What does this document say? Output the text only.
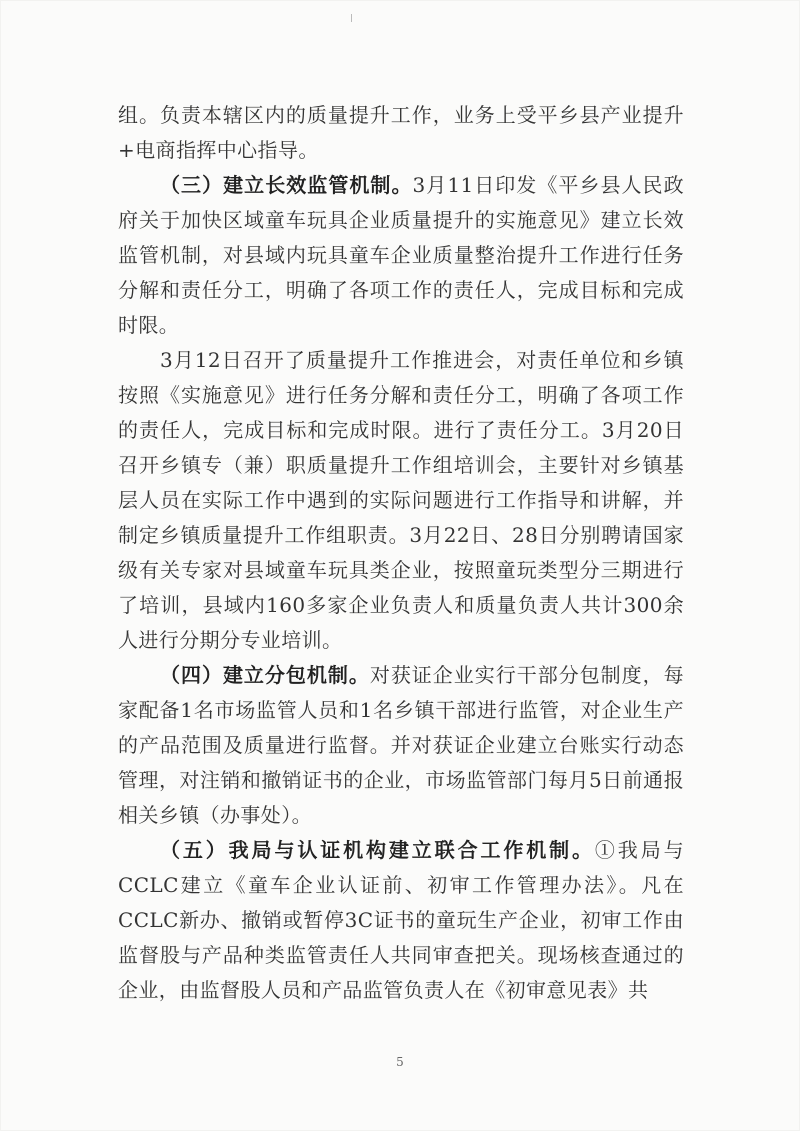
组。负责本辖区内的质量提升工作，业务上受平乡县产业提升+电商指挥中心指导。

（三）建立长效监管机制。3月11日印发《平乡县人民政府关于加快区域童车玩具企业质量提升的实施意见》建立长效监管机制，对县域内玩具童车企业质量整治提升工作进行任务分解和责任分工，明确了各项工作的责任人，完成目标和完成时限。

3月12日召开了质量提升工作推进会，对责任单位和乡镇按照《实施意见》进行任务分解和责任分工，明确了各项工作的责任人，完成目标和完成时限。进行了责任分工。3月20日召开乡镇专（兼）职质量提升工作组培训会，主要针对乡镇基层人员在实际工作中遇到的实际问题进行工作指导和讲解，并制定乡镇质量提升工作组职责。3月22日、28日分别聘请国家级有关专家对县域童车玩具类企业，按照童玩类型分三期进行了培训，县域内160多家企业负责人和质量负责人共计300余人进行分期分专业培训。

（四）建立分包机制。对获证企业实行干部分包制度，每家配备1名市场监管人员和1名乡镇干部进行监管，对企业生产的产品范围及质量进行监督。并对获证企业建立台账实行动态管理，对注销和撤销证书的企业，市场监管部门每月5日前通报相关乡镇（办事处）。

（五）我局与认证机构建立联合工作机制。①我局与CCLC建立《童车企业认证前、初审工作管理办法》。凡在CCLC新办、撤销或暂停3C证书的童玩生产企业，初审工作由监督股与产品种类监管责任人共同审查把关。现场核查通过的企业，由监督股人员和产品监管负责人在《初审意见表》共

5
